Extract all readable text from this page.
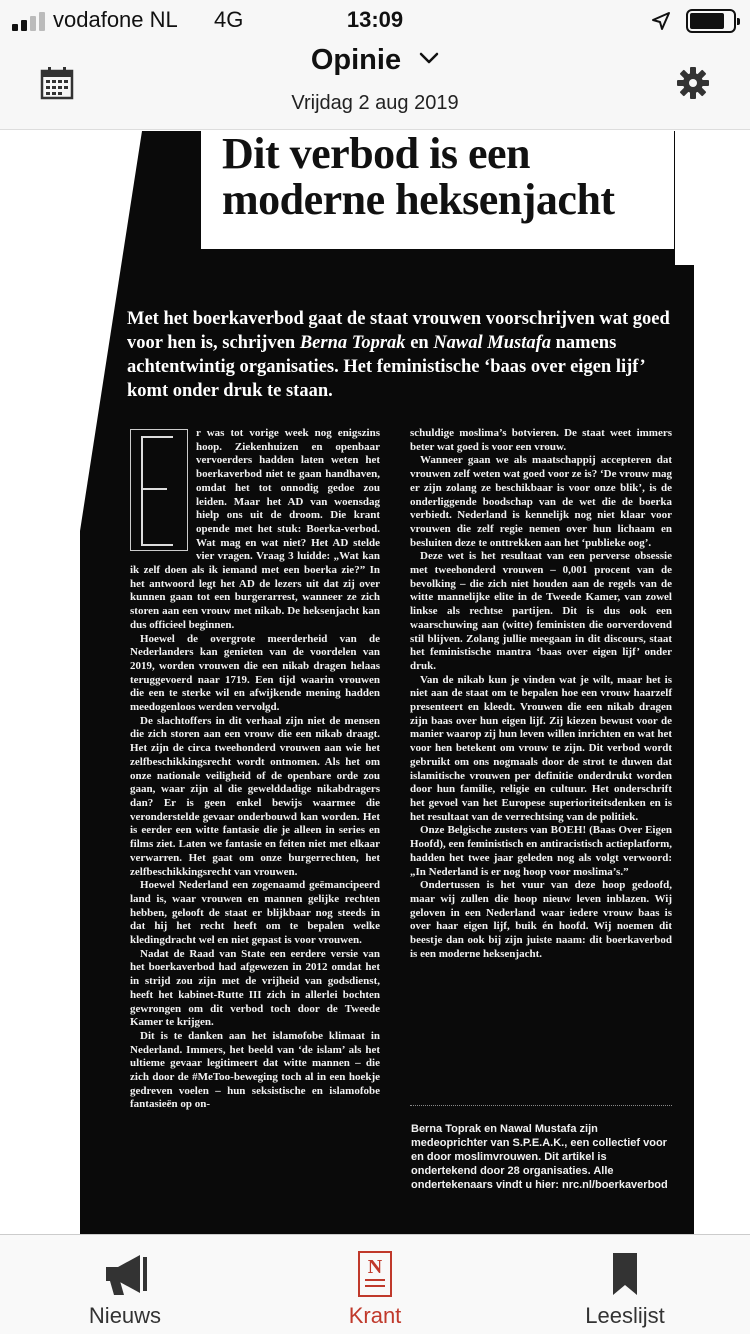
vodafone NL 4G	13:09
Opinie
Vrijdag 2 aug 2019
Dit verbod is een
moderne heksenjacht

Met het boerkaverbod gaat de staat vrouwen voorschrijven wat goed voor hen is, schrijven Berna Toprak en Nawal Mustafa namens achtentwintig organisaties. Het feministische ‘baas over eigen lijf’ komt onder druk te staan.

r was tot vorige week nog enigszins hoop. Ziekenhuizen en openbaar vervoerders hadden laten weten het boerkaverbod niet te gaan handhaven, omdat het tot onnodig gedoe zou leiden. Maar het AD van woensdag hielp ons uit de droom. Die krant opende met het stuk: Boerka-verbod. Wat mag en wat niet? Het AD stelde vier vragen. Vraag 3 luidde: „Wat kan ik zelf doen als ik iemand met een boerka zie?” In het antwoord legt het AD de lezers uit dat zij over kunnen gaan tot een burgerarrest, wanneer ze zich storen aan een vrouw met nikab. De heksenjacht kan dus officieel beginnen.

Hoewel de overgrote meerderheid van de Nederlanders kan genieten van de voordelen van 2019, worden vrouwen die een nikab dragen helaas teruggevoerd naar 1719. Een tijd waarin vrouwen die een te sterke wil en afwijkende mening hadden meedogenloos werden vervolgd.

De slachtoffers in dit verhaal zijn niet de mensen die zich storen aan een vrouw die een nikab draagt. Het zijn de circa tweehonderd vrouwen aan wie het zelfbeschikkingsrecht wordt ontnomen. Als het om onze nationale veiligheid of de openbare orde zou gaan, waar zijn al die gewelddadige nikabdragers dan? Er is geen enkel bewijs waarmee die veronderstelde gevaar onderbouwd kan worden. Het is eerder een witte fantasie die je alleen in series en films ziet. Laten we fantasie en feiten niet met elkaar verwarren. Het gaat om onze burgerrechten, het zelfbeschikkingsrecht van vrouwen.

Hoewel Nederland een zogenaamd geëmancipeerd land is, waar vrouwen en mannen gelijke rechten hebben, gelooft de staat er blijkbaar nog steeds in dat hij het recht heeft om te bepalen welke kledingdracht wel en niet gepast is voor vrouwen.

Nadat de Raad van State een eerdere versie van het boerkaverbod had afgewezen in 2012 omdat het in strijd zou zijn met de vrijheid van godsdienst, heeft het kabinet-Rutte III zich in allerlei bochten gewrongen om dit verbod toch door de Tweede Kamer te krijgen.

Dit is te danken aan het islamofobe klimaat in Nederland. Immers, het beeld van ‘de islam’ als het ultieme gevaar legitimeert dat witte mannen – die zich door de #MeToo-beweging toch al in een hoekje gedreven voelen – hun seksistische en islamofobe fantasieën op on-

schuldige moslima’s botvieren. De staat weet immers beter wat goed is voor een vrouw.

Wanneer gaan we als maatschappij accepteren dat vrouwen zelf weten wat goed voor ze is? ‘De vrouw mag er zijn zolang ze beschikbaar is voor onze blik’, is de onderliggende boodschap van de wet die de boerka verbiedt. Nederland is kennelijk nog niet klaar voor vrouwen die zelf regie nemen over hun lichaam en besluiten deze te onttrekken aan het ‘publieke oog’.

Deze wet is het resultaat van een perverse obsessie met tweehonderd vrouwen – 0,001 procent van de bevolking – die zich niet houden aan de regels van de witte mannelijke elite in de Tweede Kamer, van zowel linkse als rechtse partijen. Dit is dus ook een waarschuwing aan (witte) feministen die oorverdovend stil blijven. Zolang jullie meegaan in dit discours, staat het feministische mantra ‘baas over eigen lijf’ onder druk.

Van de nikab kun je vinden wat je wilt, maar het is niet aan de staat om te bepalen hoe een vrouw haarzelf presenteert en kleedt. Vrouwen die een nikab dragen zijn baas over hun eigen lijf. Zij kiezen bewust voor de manier waarop zij hun leven willen inrichten en wat het voor hen betekent om vrouw te zijn. Dit verbod wordt gebruikt om ons nogmaals door de strot te duwen dat islamitische vrouwen per definitie onderdrukt worden door hun familie, religie en cultuur. Het onderschrift het gevoel van het Europese superioriteitsdenken en is het resultaat van de verrechtsing van de politiek.

Onze Belgische zusters van BOEH! (Baas Over Eigen Hoofd), een feministisch en antiracistisch actieplatform, hadden het twee jaar geleden nog als volgt verwoord: „In Nederland is er nog hoop voor moslima’s.”

Ondertussen is het vuur van deze hoop gedoofd, maar wij zullen die hoop nieuw leven inblazen. Wij geloven in een Nederland waar iedere vrouw baas is over haar eigen lijf, buik én hoofd. Wij noemen dit beestje dan ook bij zijn juiste naam: dit boerkaverbod is een moderne heksenjacht.

Berna Toprak en Nawal Mustafa zijn medeoprichter van S.P.E.A.K., een collectief voor en door moslimvrouwen. Dit artikel is ondertekend door 28 organisaties. Alle ondertekenaars vindt u hier: nrc.nl/boerkaverbod

Nieuws
N
Krant	Leeslijst
